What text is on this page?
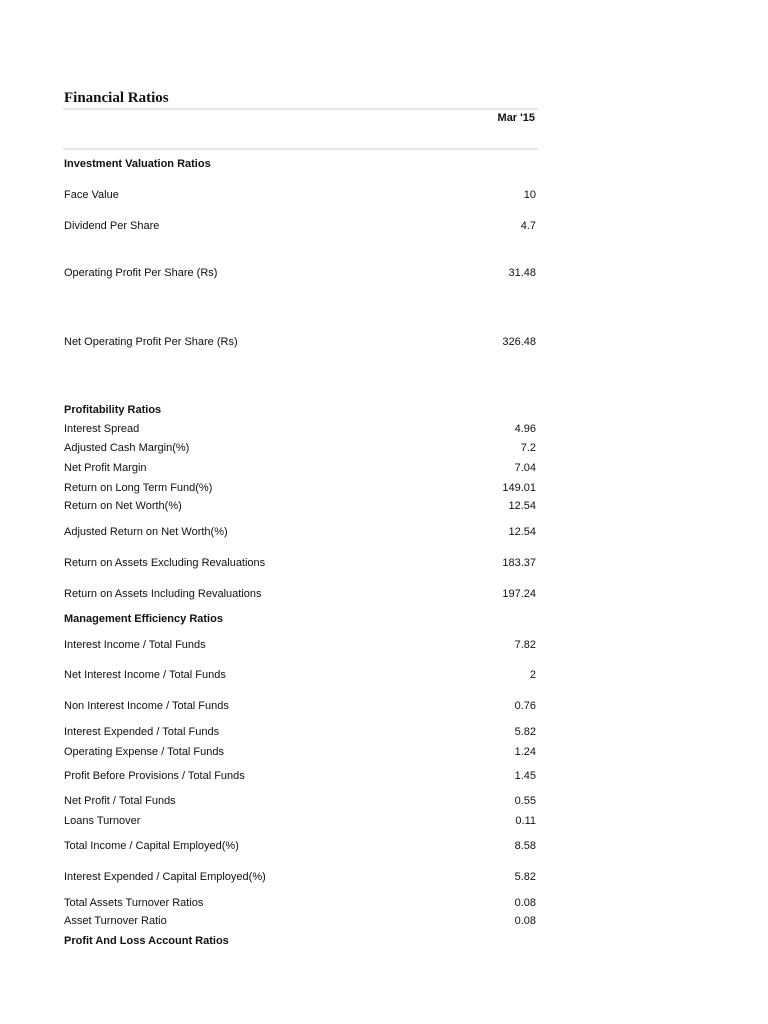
Financial Ratios
Mar '15
Investment Valuation Ratios
Face Value	10
Dividend Per Share	4.7
Operating Profit Per Share (Rs)	31.48
Net Operating Profit Per Share (Rs)	326.48
Profitability Ratios
Interest Spread	4.96
Adjusted Cash Margin(%)	7.2
Net Profit Margin	7.04
Return on Long Term Fund(%)	149.01
Return on Net Worth(%)	12.54
Adjusted Return on Net Worth(%)	12.54
Return on Assets Excluding Revaluations	183.37
Return on Assets Including Revaluations	197.24
Management Efficiency Ratios
Interest Income / Total Funds	7.82
Net Interest Income / Total Funds	2
Non Interest Income / Total Funds	0.76
Interest Expended / Total Funds	5.82
Operating Expense / Total Funds	1.24
Profit Before Provisions / Total Funds	1.45
Net Profit / Total Funds	0.55
Loans Turnover	0.11
Total Income / Capital Employed(%)	8.58
Interest Expended / Capital Employed(%)	5.82
Total Assets Turnover Ratios	0.08
Asset Turnover Ratio	0.08
Profit And Loss Account Ratios
